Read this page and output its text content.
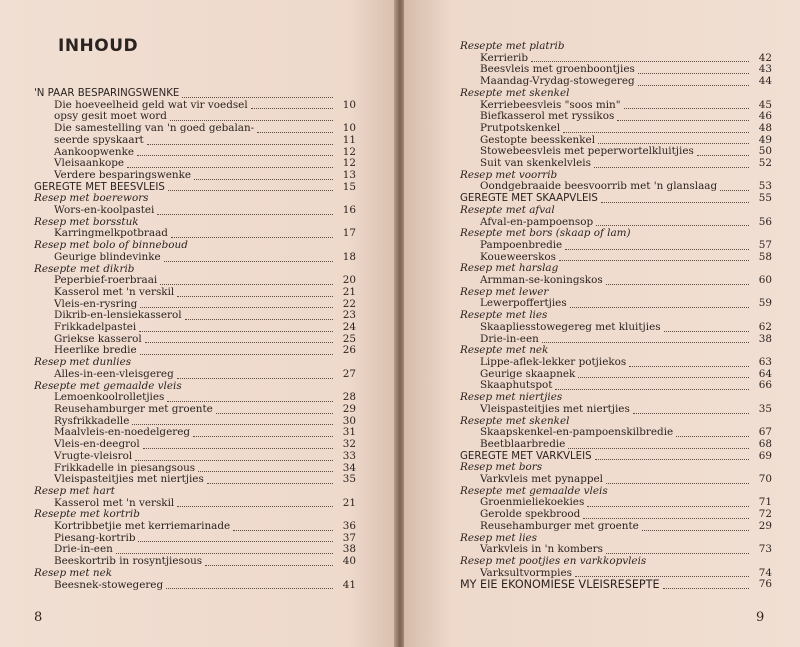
INHOUD
'N PAAR BESPARINGSWENKE
Die hoeveelheid geld wat vir voedsel	10
opsy gesit moet word
Die samestelling van 'n goed gebalan-	10
seerde spyskaart	11
Aankoopwenke	12
Vleisaankope	12
Verdere besparingswenke	13
GEREGTE MET BEESVLEIS	15
Resep met boerewors
Wors-en-koolpastei	16
Resep met borsstuk
Karringmelkpotbraad	17
Resep met bolo of binneboud
Geurige blindevinke	18
Resepte met dikrib
Peperbief-roerbraai	20
Kasserol met 'n verskil	21
Vleis-en-rysring	22
Dikrib-en-lensiekasserol	23
Frikkadelpastei	24
Griekse kasserol	25
Heerlike bredie	26
Resep met dunlies
Alles-in-een-vleisgereg	27
Resepte met gemaalde vleis
Lemoenkoolrolletjies	28
Reusehamburger met groente	29
Rysfrikkadelle	30
Maalvleis-en-noedelgereg	31
Vleis-en-deegrol	32
Vrugte-vleisrol	33
Frikkadelle in piesangsous	34
Vleispasteitjies met niertjies	35
Resep met hart
Kasserol met 'n verskil	21
Resepte met kortrib
Kortribbetjie met kerriemarinade	36
Piesang-kortrib	37
Drie-in-een	38
Beeskortrib in rosyntjiesous	40
Resep met nek
Beesnek-stowegereg	41
8
Resepte met platrib
Kerrierib	42
Beesvleis met groenboontjies	43
Maandag-Vrydag-stowegereg	44
Resepte met skenkel
Kerriebeesvleis "soos min"	45
Biefkasserol met ryssikos	46
Prutpotskenkel	48
Gestopte beesskenkel	49
Stowebeesvleis met peperwortelkluitjies	50
Suit van skenkelvleis	52
Resep met voorrib
Oondgebraaide beesvoorrib met 'n glanslaag	53
GEREGTE MET SKAAPVLEIS	55
Resepte met afval
Afval-en-pampoensop	56
Resepte met bors (skaap of lam)
Pampoenbredie	57
Koueweerskos	58
Resep met harslag
Armman-se-koningskos	60
Resep met lewer
Lewerpoffertjies	59
Resepte met lies
Skaapliesstowegereg met kluitjies	62
Drie-in-een	38
Resepte met nek
Lippe-aflek-lekker potjiekos	63
Geurige skaapnek	64
Skaaphutspot	66
Resep met niertjies
Vleispasteitjies met niertjies	35
Resepte met skenkel
Skaapskenkel-en-pampoenskilbredie	67
Beetblaarbredie	68
GEREGTE MET VARKVLEIS	69
Resep met bors
Varkvleis met pynappel	70
Resepte met gemaalde vleis
Groenmieliekoekies	71
Gerolde spekbrood	72
Reusehamburger met groente	29
Resep met lies
Varkvleis in 'n kombers	73
Resep met pootjies en varkkopvleis
Varksultvormpies	74
MY EIE EKONOMIESE VLEISRESEPTE	76
9
